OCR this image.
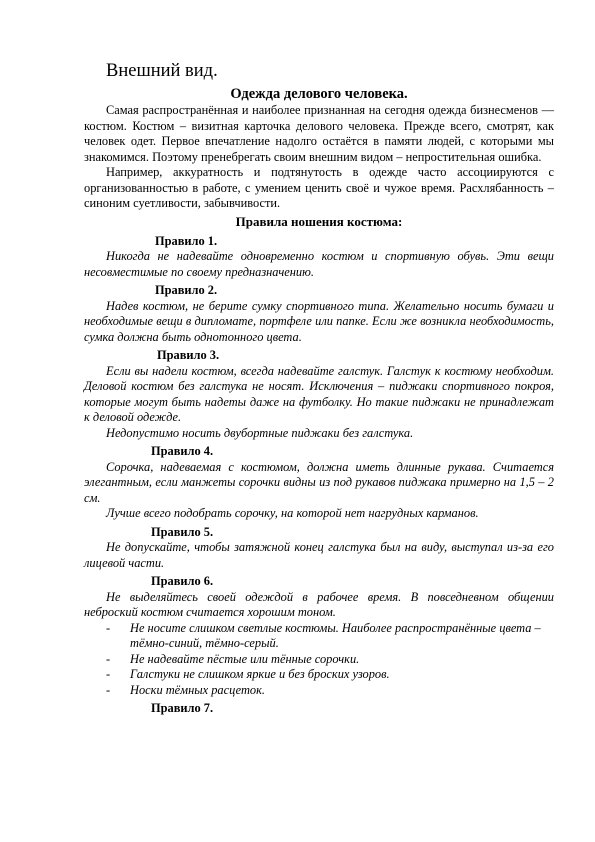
Внешний вид.

Одежда делового человека.

Самая распространённая и наиболее признанная на сегодня одежда бизнесменов — костюм. Костюм – визитная карточка делового человека. Прежде всего, смотрят, как человек одет. Первое впечатление надолго остаётся в памяти людей, с которыми мы знакомимся. Поэтому пренебрегать своим внешним видом – непростительная ошибка.

Например, аккуратность и подтянутость в одежде часто ассоциируются с организованностью в работе, с умением ценить своё и чужое время. Расхлябанность – синоним суетливости, забывчивости.

Правила ношения костюма:

Правило 1.

Никогда не надевайте одновременно костюм и спортивную обувь. Эти вещи несовместимые по своему предназначению.

Правило 2.

Надев костюм, не берите сумку спортивного типа. Желательно носить бумаги и необходимые вещи в дипломате, портфеле или папке. Если же возникла необходимость, сумка должна быть однотонного цвета.

Правило 3.

Если вы надели костюм, всегда надевайте галстук. Галстук к костюму необходим. Деловой костюм без галстука не носят. Исключения – пиджаки спортивного покроя, которые могут быть надеты даже на футболку. Но такие пиджаки не принадлежат к деловой одежде.

Недопустимо носить двубортные пиджаки без галстука.

Правило 4.

Сорочка, надеваемая с костюмом, должна иметь длинные рукава. Считается элегантным, если манжеты сорочки видны из под рукавов пиджака примерно на 1,5 – 2 см.

Лучше всего подобрать сорочку, на которой нет нагрудных карманов.

Правило 5.

Не допускайте, чтобы затяжной конец галстука был на виду, выступал из-за его лицевой части.

Правило 6.

Не выделяйтесь своей одеждой в рабочее время. В повседневном общении неброский костюм считается хорошим тоном.

- Не носите слишком светлые костюмы. Наиболее распространённые цвета – тёмно-синий, тёмно-серый.
- Не надевайте пёстые или тённые сорочки.
- Галстуки не слишком яркие и без броских узоров.
- Носки тёмных расцеток.

Правило 7.
